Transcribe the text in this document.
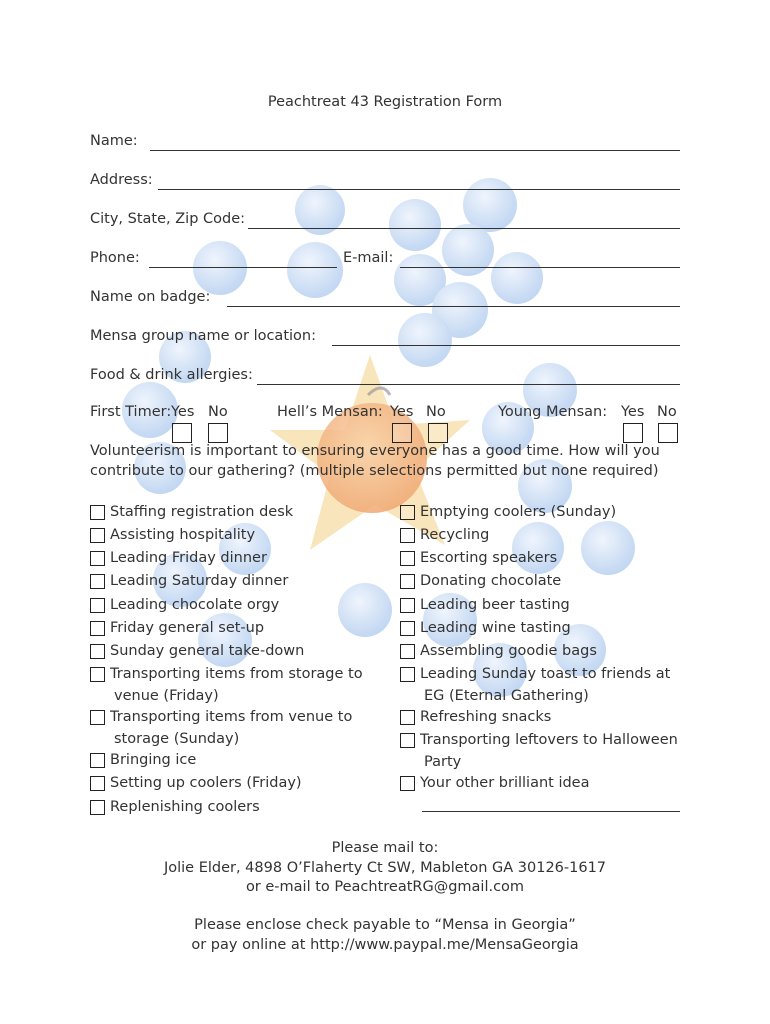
Peachtreat 43 Registration Form
Name:
Address:
City, State, Zip Code:
Phone:	E-mail:
Name on badge:
Mensa group name or location:
Food & drink allergies:
First Timer: Yes No	Hell’s Mensan: Yes No	Young Mensan: Yes No
Volunteerism is important to ensuring everyone has a good time. How will you contribute to our gathering? (multiple selections permitted but none required)
Staffing registration desk
Assisting hospitality
Leading Friday dinner
Leading Saturday dinner
Leading chocolate orgy
Friday general set-up
Sunday general take-down
Transporting items from storage to
venue (Friday)
Transporting items from venue to
storage (Sunday)
Bringing ice
Setting up coolers (Friday)
Replenishing coolers
Emptying coolers (Sunday)
Recycling
Escorting speakers
Donating chocolate
Leading beer tasting
Leading wine tasting
Assembling goodie bags
Leading Sunday toast to friends at
EG (Eternal Gathering)
Refreshing snacks
Transporting leftovers to Halloween
Party
Your other brilliant idea
Please mail to:
Jolie Elder, 4898 O’Flaherty Ct SW, Mableton GA 30126-1617
or e-mail to PeachtreatRG@gmail.com
Please enclose check payable to “Mensa in Georgia”
or pay online at http://www.paypal.me/MensaGeorgia
